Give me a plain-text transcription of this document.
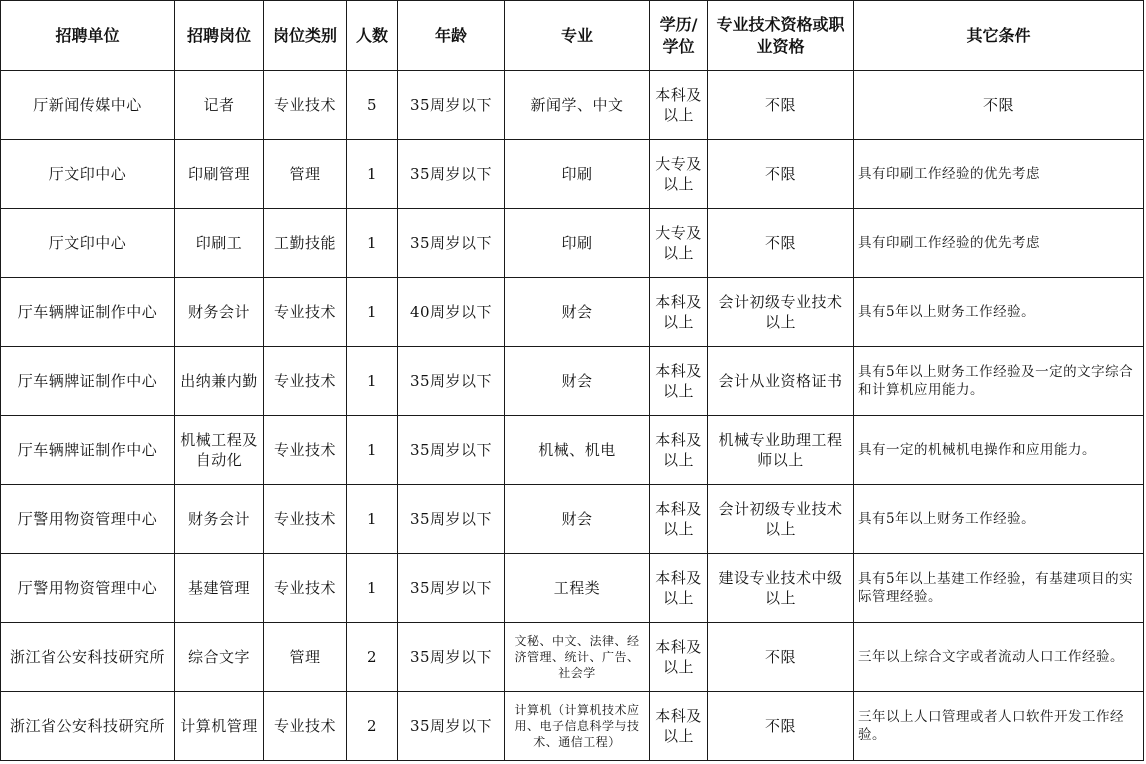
招聘单位	招聘岗位	岗位类别	人数	年龄	专业	学历/学位	专业技术资格或职业资格	其它条件
厅新闻传媒中心	记者	专业技术	5	35周岁以下	新闻学、中文	本科及以上	不限	不限
厅文印中心	印刷管理	管理	1	35周岁以下	印刷	大专及以上	不限	具有印刷工作经验的优先考虑
厅文印中心	印刷工	工勤技能	1	35周岁以下	印刷	大专及以上	不限	具有印刷工作经验的优先考虑
厅车辆牌证制作中心	财务会计	专业技术	1	40周岁以下	财会	本科及以上	会计初级专业技术以上	具有5年以上财务工作经验。
厅车辆牌证制作中心	出纳兼内勤	专业技术	1	35周岁以下	财会	本科及以上	会计从业资格证书	具有5年以上财务工作经验及一定的文字综合和计算机应用能力。
厅车辆牌证制作中心	机械工程及自动化	专业技术	1	35周岁以下	机械、机电	本科及以上	机械专业助理工程师以上	具有一定的机械机电操作和应用能力。
厅警用物资管理中心	财务会计	专业技术	1	35周岁以下	财会	本科及以上	会计初级专业技术以上	具有5年以上财务工作经验。
厅警用物资管理中心	基建管理	专业技术	1	35周岁以下	工程类	本科及以上	建设专业技术中级以上	具有5年以上基建工作经验，有基建项目的实际管理经验。
浙江省公安科技研究所	综合文字	管理	2	35周岁以下	文秘、中文、法律、经济管理、统计、广告、社会学	本科及以上	不限	三年以上综合文字或者流动人口工作经验。
浙江省公安科技研究所	计算机管理	专业技术	2	35周岁以下	计算机（计算机技术应用、电子信息科学与技术、通信工程）	本科及以上	不限	三年以上人口管理或者人口软件开发工作经验。
